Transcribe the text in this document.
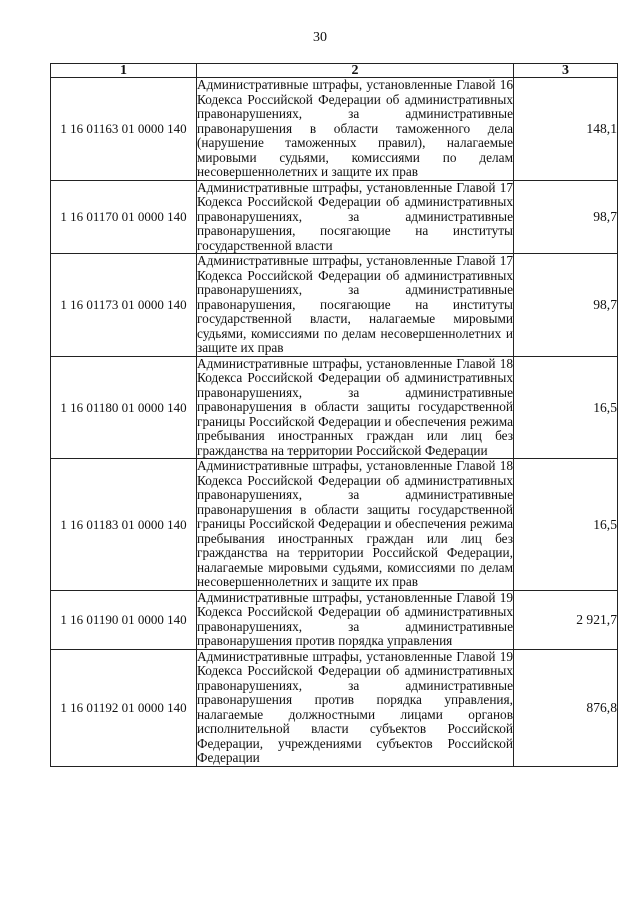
30
1	2	3
1 16 01163 01 0000 140	Административные штрафы, установленные Главой 16 Кодекса Российской Федерации об административных правонарушениях, за административные правонарушения в области таможенного дела (нарушение таможенных правил), налагаемые мировыми судьями, комиссиями по делам несовершеннолетних и защите их прав	148,1
1 16 01170 01 0000 140	Административные штрафы, установленные Главой 17 Кодекса Российской Федерации об административных правонарушениях, за административные правонарушения, посягающие на институты государственной власти	98,7
1 16 01173 01 0000 140	Административные штрафы, установленные Главой 17 Кодекса Российской Федерации об административных правонарушениях, за административные правонарушения, посягающие на институты государственной власти, налагаемые мировыми судьями, комиссиями по делам несовершеннолетних и защите их прав	98,7
1 16 01180 01 0000 140	Административные штрафы, установленные Главой 18 Кодекса Российской Федерации об административных правонарушениях, за административные правонарушения в области защиты государственной границы Российской Федерации и обеспечения режима пребывания иностранных граждан или лиц без гражданства на территории Российской Федерации	16,5
1 16 01183 01 0000 140	Административные штрафы, установленные Главой 18 Кодекса Российской Федерации об административных правонарушениях, за административные правонарушения в области защиты государственной границы Российской Федерации и обеспечения режима пребывания иностранных граждан или лиц без гражданства на территории Российской Федерации, налагаемые мировыми судьями, комиссиями по делам несовершеннолетних и защите их прав	16,5
1 16 01190 01 0000 140	Административные штрафы, установленные Главой 19 Кодекса Российской Федерации об административных правонарушениях, за административные правонарушения против порядка управления	2 921,7
1 16 01192 01 0000 140	Административные штрафы, установленные Главой 19 Кодекса Российской Федерации об административных правонарушениях, за административные правонарушения против порядка управления, налагаемые должностными лицами органов исполнительной власти субъектов Российской Федерации, учреждениями субъектов Российской Федерации	876,8
